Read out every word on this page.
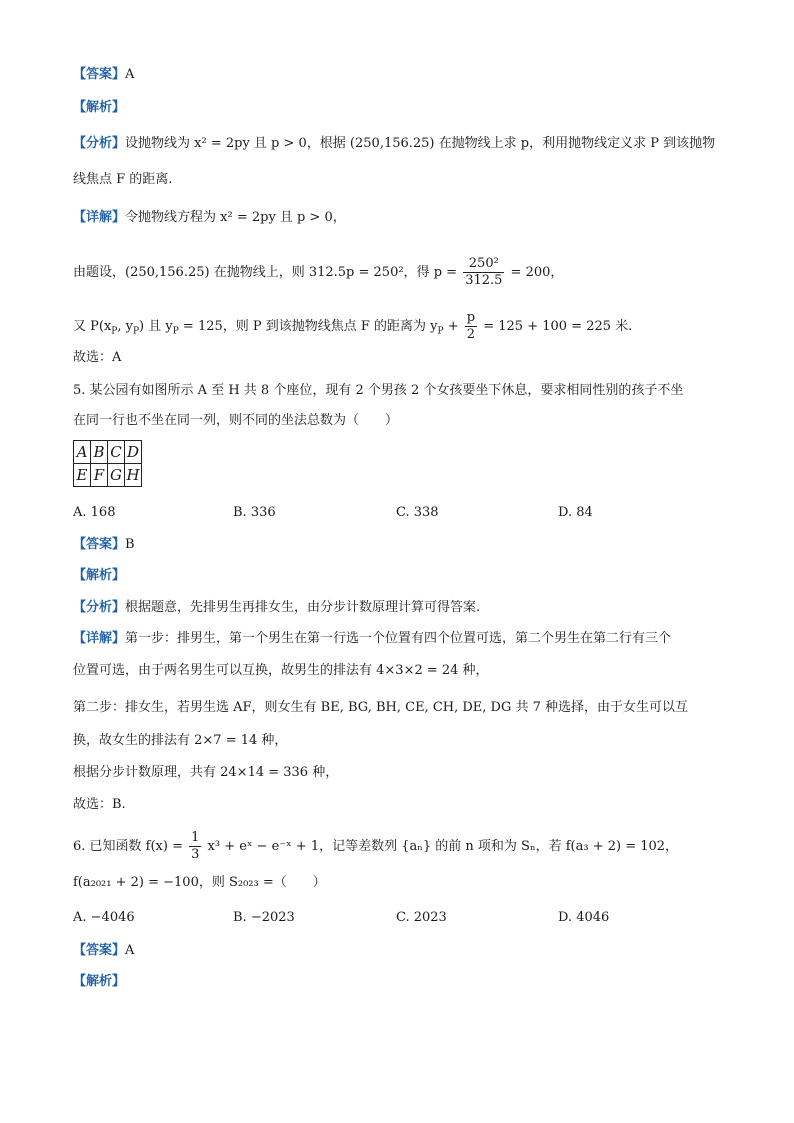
【答案】A
【解析】
【分析】设抛物线为 x² = 2py 且 p > 0，根据 (250,156.25) 在抛物线上求 p，利用抛物线定义求 P 到该抛物
线焦点 F 的距离.
【详解】令抛物线方程为 x² = 2py 且 p > 0，
由题设，(250,156.25) 在抛物线上，则 312.5p = 250²，得 $p = \frac{\text{250²}}{312.5} = 200$，
又 $P(x_P$, $y_P$) 且 $y_P = 125$，则 P 到该抛物线焦点 F 的距离为 $y_P + \frac{p}{2} = 125 + 100 = 225$ 米.
故选：A
5. 某公园有如图所示 A 至 H 共 8 个座位，现有 2 个男孩 2 个女孩要坐下休息，要求相同性别的孩子不坐
在同一行也不坐在同一列，则不同的坐法总数为（　　）
A	B	C	D
E	F	G	H
A. 168	B. 336	C. 338	D. 84
【答案】B
【解析】
【分析】根据题意，先排男生再排女生，由分步计数原理计算可得答案.
【详解】第一步：排男生，第一个男生在第一行选一个位置有四个位置可选，第二个男生在第二行有三个
位置可选，由于两名男生可以互换，故男生的排法有 4×3×2 = 24 种，
第二步：排女生，若男生选 AF，则女生有 BE, BG, BH, CE, CH, DE, DG 共 7 种选择，由于女生可以互
换，故女生的排法有 2×7 = 14 种，
根据分步计数原理，共有 24×14 = 336 种，
故选：B.
6. 已知函数 $f(x) = \frac{1}{3} x^3$ + eˣ − e⁻ˣ + 1，记等差数列 {aₙ} 的前 n 项和为 Sₙ，若 f(a₃ + 2) = 102，
f(a₂₀₂₁ + 2) = −100，则 S₂₀₂₃ =（　　）
A. −4046	B. −2023	C. 2023	D. 4046
【答案】A
【解析】
